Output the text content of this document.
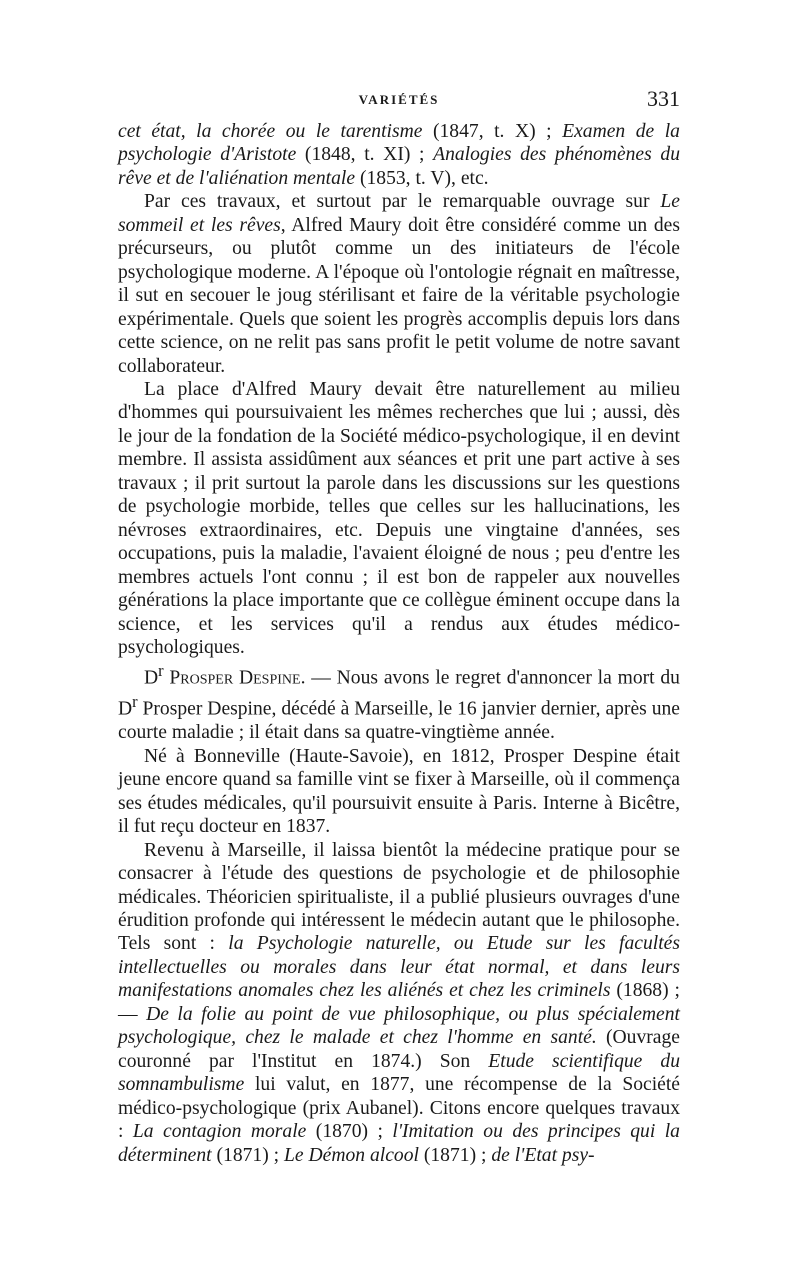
VARIÉTÉS	331

cet état, la chorée ou le tarentisme (1847, t. X) ; Examen de la psychologie d'Aristote (1848, t. XI) ; Analogies des phénomènes du rêve et de l'aliénation mentale (1853, t. V), etc.

Par ces travaux, et surtout par le remarquable ouvrage sur Le sommeil et les rêves, Alfred Maury doit être considéré comme un des précurseurs, ou plutôt comme un des initiateurs de l'école psychologique moderne. A l'époque où l'ontologie régnait en maîtresse, il sut en secouer le joug stérilisant et faire de la véritable psychologie expérimentale. Quels que soient les progrès accomplis depuis lors dans cette science, on ne relit pas sans profit le petit volume de notre savant collaborateur.

La place d'Alfred Maury devait être naturellement au milieu d'hommes qui poursuivaient les mêmes recherches que lui ; aussi, dès le jour de la fondation de la Société médico-psychologique, il en devint membre. Il assista assidûment aux séances et prit une part active à ses travaux ; il prit surtout la parole dans les discussions sur les questions de psychologie morbide, telles que celles sur les hallucinations, les névroses extraordinaires, etc. Depuis une vingtaine d'années, ses occupations, puis la maladie, l'avaient éloigné de nous ; peu d'entre les membres actuels l'ont connu ; il est bon de rappeler aux nouvelles générations la place importante que ce collègue éminent occupe dans la science, et les services qu'il a rendus aux études médico-psychologiques.

$D^r$ Prosper Despine. — Nous avons le regret d'annoncer la mort du $D^r$ Prosper Despine, décédé à Marseille, le 16 janvier dernier, après une courte maladie ; il était dans sa quatre-vingtième année.

Né à Bonneville (Haute-Savoie), en 1812, Prosper Despine était jeune encore quand sa famille vint se fixer à Marseille, où il commença ses études médicales, qu'il poursuivit ensuite à Paris. Interne à Bicêtre, il fut reçu docteur en 1837.

Revenu à Marseille, il laissa bientôt la médecine pratique pour se consacrer à l'étude des questions de psychologie et de philosophie médicales. Théoricien spiritualiste, il a publié plusieurs ouvrages d'une érudition profonde qui intéressent le médecin autant que le philosophe. Tels sont : la Psychologie naturelle, ou Etude sur les facultés intellectuelles ou morales dans leur état normal, et dans leurs manifestations anomales chez les aliénés et chez les criminels (1868) ; — De la folie au point de vue philosophique, ou plus spécialement psychologique, chez le malade et chez l'homme en santé. (Ouvrage couronné par l'Institut en 1874.) Son Etude scientifique du somnambulisme lui valut, en 1877, une récompense de la Société médico-psychologique (prix Aubanel). Citons encore quelques travaux : La contagion morale (1870) ; l'Imitation ou des principes qui la déterminent (1871) ; Le Démon alcool (1871) ; de l'Etat psy-
